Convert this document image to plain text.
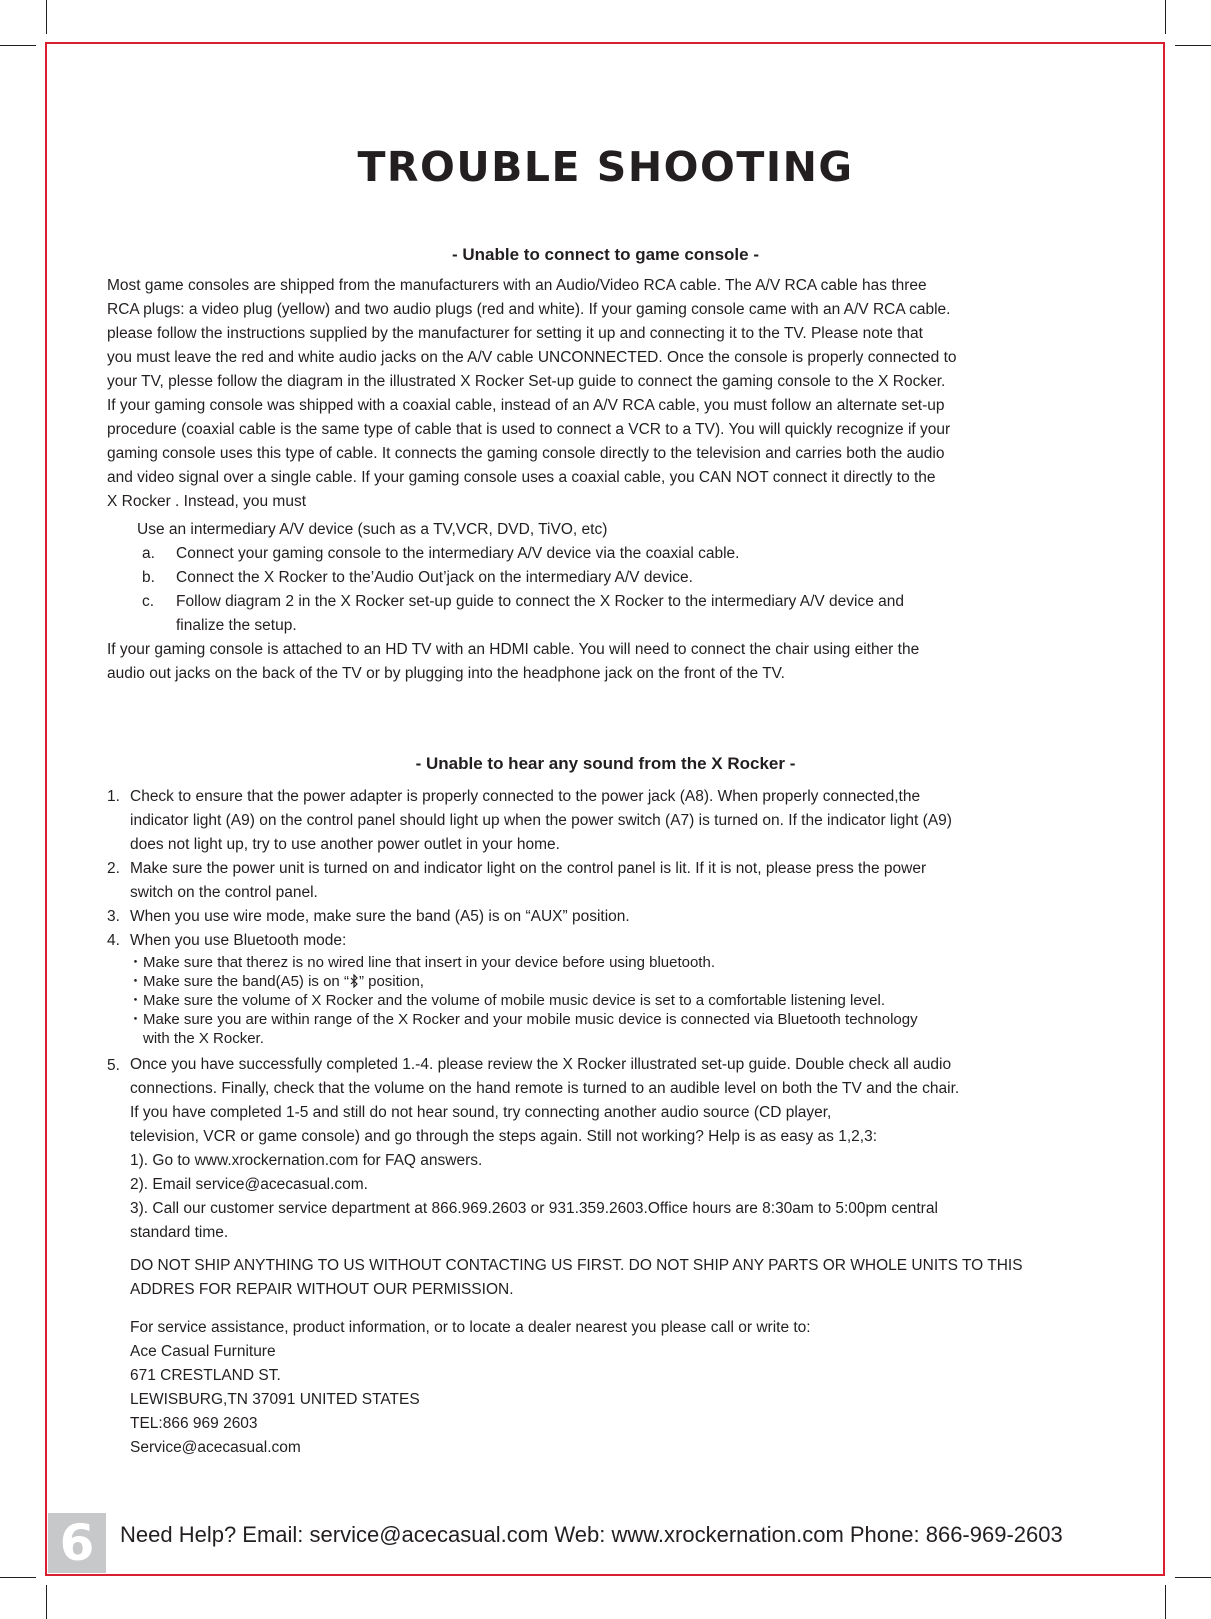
TROUBLE SHOOTING
- Unable to connect to game console -
Most game consoles are shipped from the manufacturers with an Audio/Video RCA cable. The A/V RCA cable has three
RCA plugs: a video plug (yellow) and two audio plugs (red and white). If your gaming console came with an A/V RCA cable.
please follow the instructions supplied by the manufacturer for setting it up and connecting it to the TV. Please note that
you must leave the red and white audio jacks on the A/V cable UNCONNECTED. Once the console is properly connected to
your TV, plesse follow the diagram in the illustrated X Rocker Set-up guide to connect the gaming console to the X Rocker.
If your gaming console was shipped with a coaxial cable, instead of an A/V RCA cable, you must follow an alternate set-up
procedure (coaxial cable is the same type of cable that is used to connect a VCR to a TV). You will quickly recognize if your
gaming console uses this type of cable. It connects the gaming console directly to the television and carries both the audio
and video signal over a single cable. If your gaming console uses a coaxial cable, you CAN NOT connect it directly to the
X Rocker . Instead, you must
Use an intermediary A/V device (such as a TV,VCR, DVD, TiVO, etc)
a. Connect your gaming console to the intermediary A/V device via the coaxial cable.
b. Connect the X Rocker to the’Audio Out’jack on the intermediary A/V device.
c. Follow diagram 2 in the X Rocker set-up guide to connect the X Rocker to the intermediary A/V device and
finalize the setup.
If your gaming console is attached to an HD TV with an HDMI cable. You will need to connect the chair using either the
audio out jacks on the back of the TV or by plugging into the headphone jack on the front of the TV.
- Unable to hear any sound from the X Rocker -
1. Check to ensure that the power adapter is properly connected to the power jack (A8). When properly connected,the
indicator light (A9) on the control panel should light up when the power switch (A7) is turned on. If the indicator light (A9)
does not light up, try to use another power outlet in your home.
2. Make sure the power unit is turned on and indicator light on the control panel is lit. If it is not, please press the power
switch on the control panel.
3. When you use wire mode, make sure the band (A5) is on “AUX” position.
4. When you use Bluetooth mode:
・Make sure that therez is no wired line that insert in your device before using bluetooth.
・Make sure the band(A5) is on “ ” position,
・Make sure the volume of X Rocker and the volume of mobile music device is set to a comfortable listening level.
・Make sure you are within range of the X Rocker and your mobile music device is connected via Bluetooth technology
with the X Rocker.
5. Once you have successfully completed 1.-4. please review the X Rocker illustrated set-up guide. Double check all audio
connections. Finally, check that the volume on the hand remote is turned to an audible level on both the TV and the chair.
If you have completed 1-5 and still do not hear sound, try connecting another audio source (CD player,
television, VCR or game console) and go through the steps again. Still not working? Help is as easy as 1,2,3:
1). Go to www.xrockernation.com for FAQ answers.
2). Email service@acecasual.com.
3). Call our customer service department at 866.969.2603 or 931.359.2603.Office hours are 8:30am to 5:00pm central
standard time.
DO NOT SHIP ANYTHING TO US WITHOUT CONTACTING US FIRST. DO NOT SHIP ANY PARTS OR WHOLE UNITS TO THIS
ADDRES FOR REPAIR WITHOUT OUR PERMISSION.
For service assistance, product information, or to locate a dealer nearest you please call or write to:
Ace Casual Furniture
671 CRESTLAND ST.
LEWISBURG,TN 37091 UNITED STATES
TEL:866 969 2603
Service@acecasual.com
6	Need Help? Email: service@acecasual.com Web: www.xrockernation.com Phone: 866-969-2603
